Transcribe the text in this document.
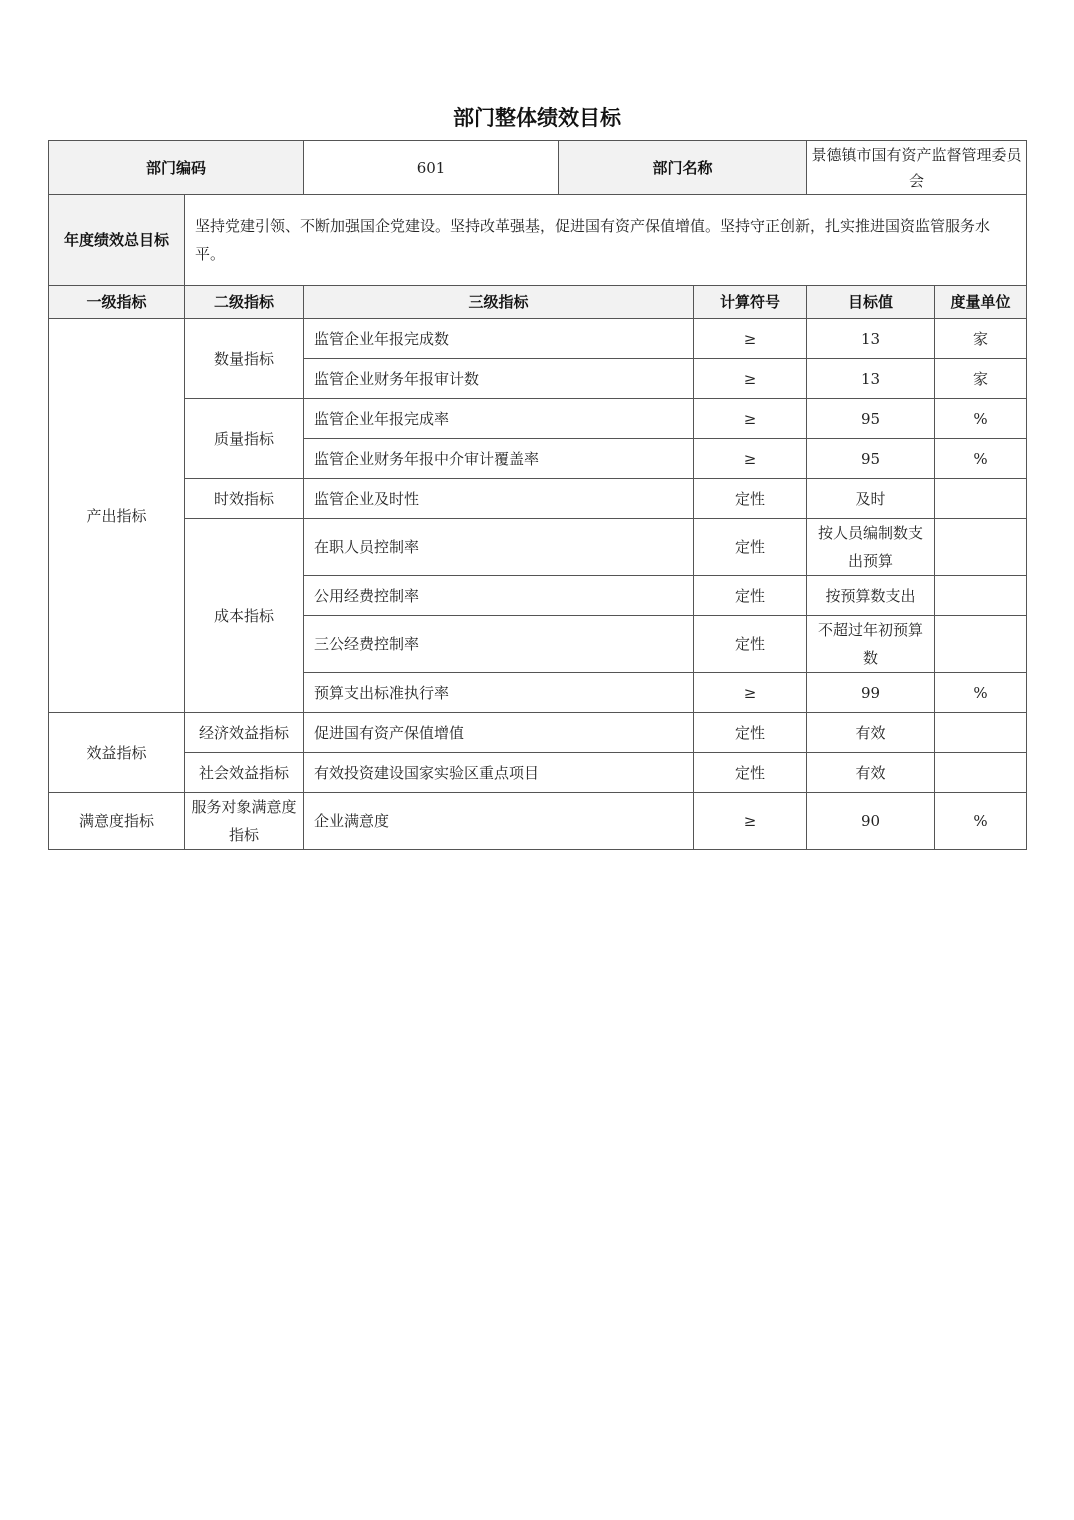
部门整体绩效目标
部门编码		601	部门名称		景德镇市国有资产监督管理委员会	
年度绩效总目标	坚持党建引领、不断加强国企党建设。坚持改革强基，促进国有资产保值增值。坚持守正创新，扎实推进国资监管服务水平。					
一级指标	二级指标	三级指标		计算符号	目标值	度量单位
产出指标	数量指标	监管企业年报完成数		≥	13	家
		监管企业财务年报审计数		≥	13	家
	质量指标	监管企业年报完成率		≥	95	%
		监管企业财务年报中介审计覆盖率		≥	95	%
	时效指标	监管企业及时性		定性	及时	
	成本指标	在职人员控制率		定性	按人员编制数支出预算	
		公用经费控制率		定性	按预算数支出	
		三公经费控制率		定性	不超过年初预算数	
		预算支出标准执行率		≥	99	%
效益指标	经济效益指标	促进国有资产保值增值		定性	有效	
	社会效益指标	有效投资建设国家实验区重点项目		定性	有效	
满意度指标	服务对象满意度指标	企业满意度		≥	90	%
